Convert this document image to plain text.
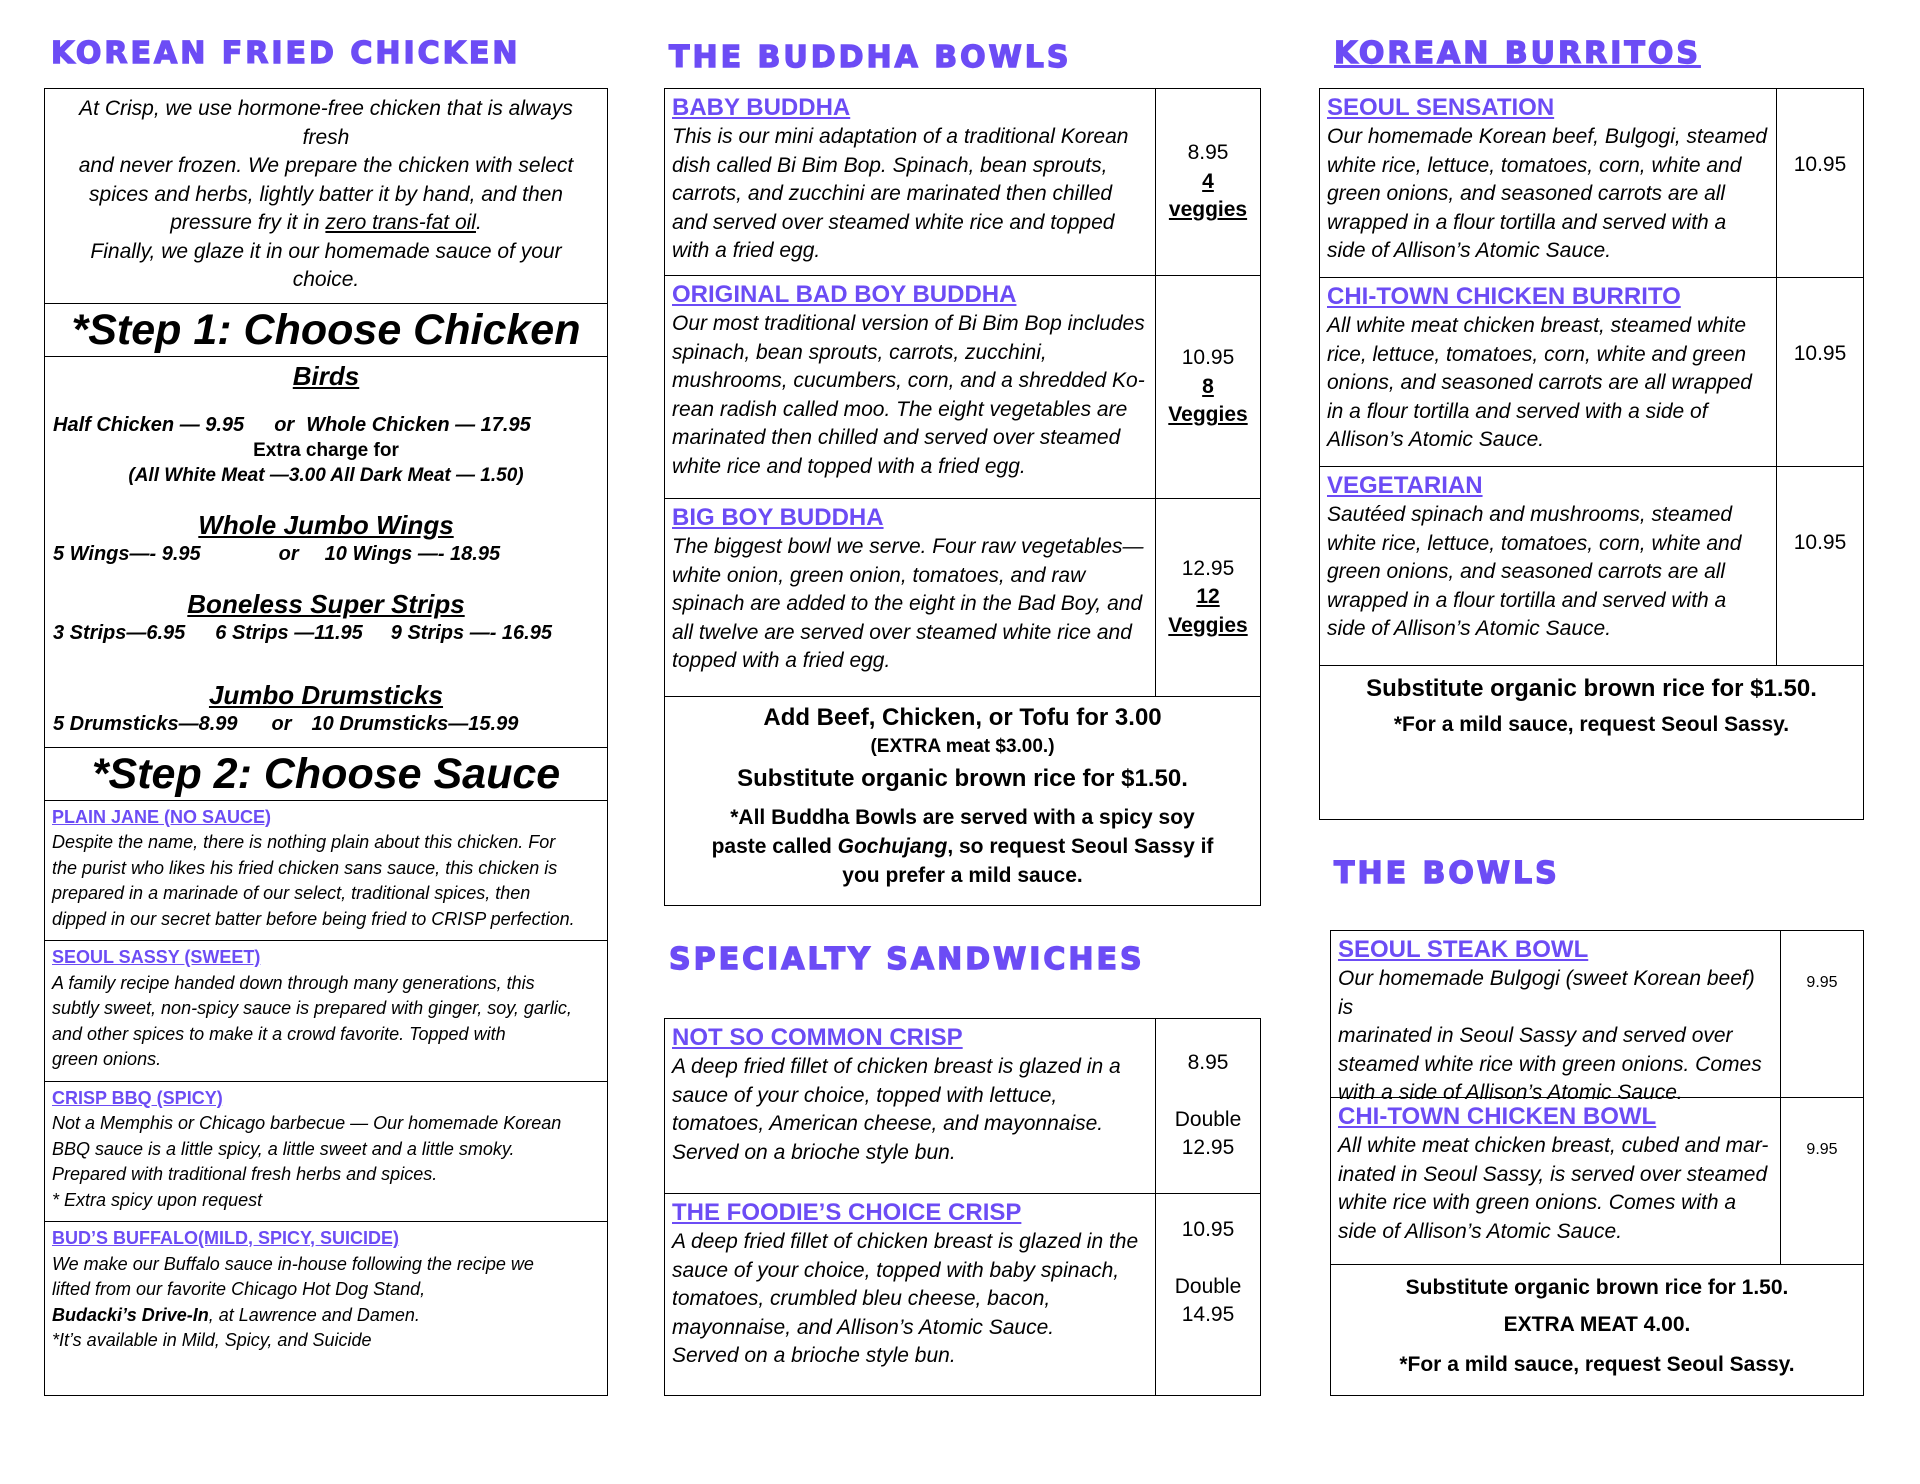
KOREAN FRIED CHICKEN
At Crisp, we use hormone-free chicken that is always fresh
and never frozen. We prepare the chicken with select
spices and herbs, lightly batter it by hand, and then
pressure fry it in zero trans-fat oil.
Finally, we glaze it in our homemade sauce of your choice.
*Step 1: Choose Chicken
Birds
Half Chicken — 9.95 or Whole Chicken — 17.95
Extra charge for
(All White Meat —3.00 All Dark Meat — 1.50)
Whole Jumbo Wings
5 Wings—- 9.95	or 10 Wings —- 18.95
Boneless Super Strips
3 Strips—6.95 6 Strips —11.95 9 Strips —- 16.95
Jumbo Drumsticks
5 Drumsticks—8.99 or 10 Drumsticks—15.99
*Step 2: Choose Sauce
PLAIN JANE (NO SAUCE)
Despite the name, there is nothing plain about this chicken. For
the purist who likes his fried chicken sans sauce, this chicken is
prepared in a marinade of our select, traditional spices, then
dipped in our secret batter before being fried to CRISP perfection.
SEOUL SASSY (SWEET)
A family recipe handed down through many generations, this
subtly sweet, non-spicy sauce is prepared with ginger, soy, garlic,
and other spices to make it a crowd favorite. Topped with
green onions.
CRISP BBQ (SPICY)
Not a Memphis or Chicago barbecue — Our homemade Korean
BBQ sauce is a little spicy, a little sweet and a little smoky.
Prepared with traditional fresh herbs and spices.
* Extra spicy upon request
BUD’S BUFFALO(MILD, SPICY, SUICIDE)
We make our Buffalo sauce in-house following the recipe we
lifted from our favorite Chicago Hot Dog Stand,
Budacki’s Drive-In, at Lawrence and Damen.
*It’s available in Mild, Spicy, and Suicide
THE BUDDHA BOWLS
BABY BUDDHA
This is our mini adaptation of a traditional Korean
dish called Bi Bim Bop. Spinach, bean sprouts,
carrots, and zucchini are marinated then chilled
and served over steamed white rice and topped
with a fried egg.
8.95
4
veggies
ORIGINAL BAD BOY BUDDHA
Our most traditional version of Bi Bim Bop includes
spinach, bean sprouts, carrots, zucchini,
mushrooms, cucumbers, corn, and a shredded Ko-
rean radish called moo. The eight vegetables are
marinated then chilled and served over steamed
white rice and topped with a fried egg.
10.95
8
Veggies
BIG BOY BUDDHA
The biggest bowl we serve. Four raw vegetables—
white onion, green onion, tomatoes, and raw
spinach are added to the eight in the Bad Boy, and
all twelve are served over steamed white rice and
topped with a fried egg.
12.95
12
Veggies
Add Beef, Chicken, or Tofu for 3.00
(EXTRA meat $3.00.)
Substitute organic brown rice for $1.50.
*All Buddha Bowls are served with a spicy soy
paste called Gochujang, so request Seoul Sassy if
you prefer a mild sauce.
SPECIALTY SANDWICHES
NOT SO COMMON CRISP
A deep fried fillet of chicken breast is glazed in a
sauce of your choice, topped with lettuce,
tomatoes, American cheese, and mayonnaise.
Served on a brioche style bun.
8.95
Double
12.95
THE FOODIE’S CHOICE CRISP
A deep fried fillet of chicken breast is glazed in the
sauce of your choice, topped with baby spinach,
tomatoes, crumbled bleu cheese, bacon,
mayonnaise, and Allison’s Atomic Sauce.
Served on a brioche style bun.
10.95
Double
14.95
KOREAN BURRITOS
SEOUL SENSATION
Our homemade Korean beef, Bulgogi, steamed
white rice, lettuce, tomatoes, corn, white and
green onions, and seasoned carrots are all
wrapped in a flour tortilla and served with a
side of Allison’s Atomic Sauce.
10.95
CHI-TOWN CHICKEN BURRITO
All white meat chicken breast, steamed white
rice, lettuce, tomatoes, corn, white and green
onions, and seasoned carrots are all wrapped
in a flour tortilla and served with a side of
Allison’s Atomic Sauce.
10.95
VEGETARIAN
Sautéed spinach and mushrooms, steamed
white rice, lettuce, tomatoes, corn, white and
green onions, and seasoned carrots are all
wrapped in a flour tortilla and served with a
side of Allison’s Atomic Sauce.
10.95
Substitute organic brown rice for $1.50.
*For a mild sauce, request Seoul Sassy.
THE BOWLS
SEOUL STEAK BOWL
Our homemade Bulgogi (sweet Korean beef) is
marinated in Seoul Sassy and served over
steamed white rice with green onions. Comes
with a side of Allison’s Atomic Sauce.
9.95
CHI-TOWN CHICKEN BOWL
All white meat chicken breast, cubed and mar-
inated in Seoul Sassy, is served over steamed
white rice with green onions. Comes with a
side of Allison’s Atomic Sauce.
9.95
Substitute organic brown rice for 1.50.
EXTRA MEAT 4.00.
*For a mild sauce, request Seoul Sassy.
